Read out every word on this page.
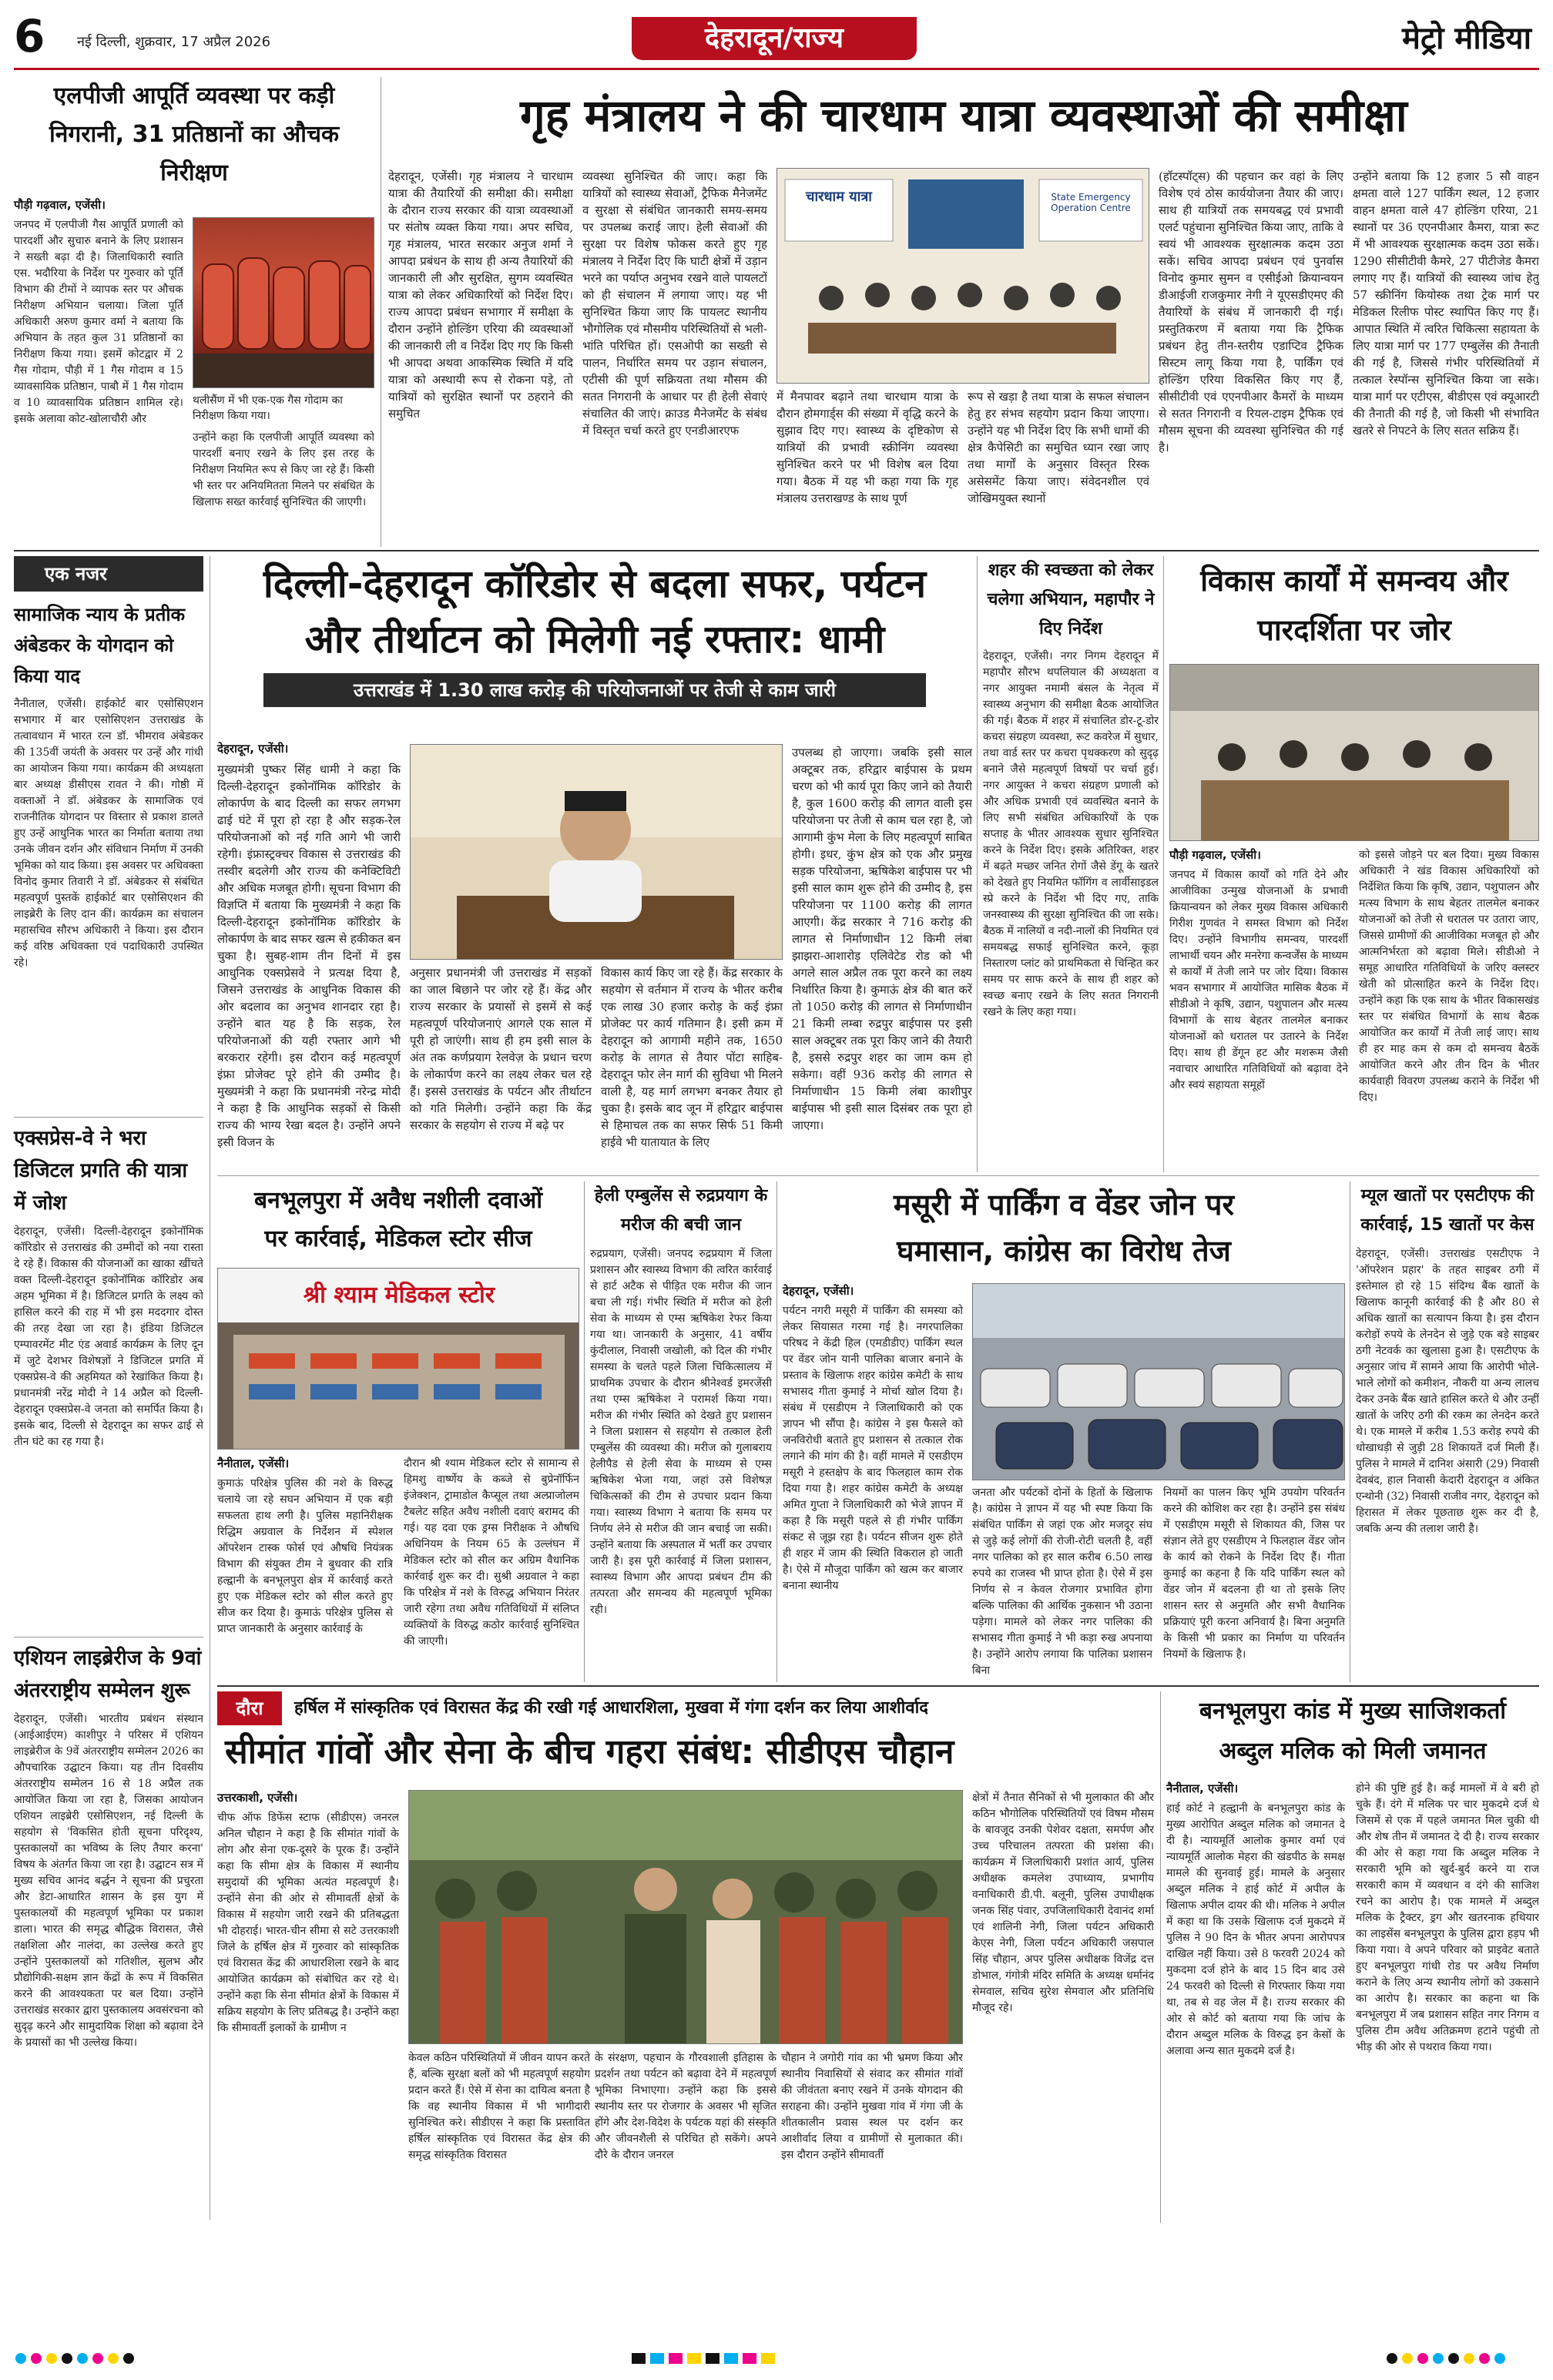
6 नई दिल्ली, शुक्रवार, 17 अप्रैल 2026	देहरादून/राज्य	मेट्रो मीडिया
एलपीजी आपूर्ति व्यवस्था पर कड़ी निगरानी, 31 प्रतिष्ठानों का औचक निरीक्षण
पौड़ी गढ़वाल, एजेंसी।
जनपद में एलपीजी गैस आपूर्ति प्रणाली को पारदर्शी और सुचारु बनाने के लिए प्रशासन ने सख्ती बढ़ा दी है। जिलाधिकारी स्वाति एस. भदौरिया के निर्देश पर गुरुवार को पूर्ति विभाग की टीमों ने व्यापक स्तर पर औचक निरीक्षण अभियान चलाया। जिला पूर्ति अधिकारी अरुण कुमार वर्मा ने बताया कि अभियान के तहत कुल 31 प्रतिष्ठानों का निरीक्षण किया गया। इसमें कोटद्वार में 2 गैस गोदाम, पौड़ी में 1 गैस गोदाम व 15 व्यावसायिक प्रतिष्ठान, पाबौ में 1 गैस गोदाम व 10 व्यावसायिक प्रतिष्ठान शामिल रहे। इसके अलावा कोट-खोलाचौरी और
थलीसैंण में भी एक-एक गैस गोदाम का निरीक्षण किया गया।
उन्होंने कहा कि एलपीजी आपूर्ति व्यवस्था को पारदर्शी बनाए रखने के लिए इस तरह के निरीक्षण नियमित रूप से किए जा रहे हैं। किसी भी स्तर पर अनियमितता मिलने पर संबंधित के खिलाफ सख्त कार्रवाई सुनिश्चित की जाएगी।
गृह मंत्रालय ने की चारधाम यात्रा व्यवस्थाओं की समीक्षा
देहरादून, एजेंसी। गृह मंत्रालय ने चारधाम यात्रा की तैयारियों की समीक्षा की। समीक्षा के दौरान राज्य सरकार की यात्रा व्यवस्थाओं पर संतोष व्यक्त किया गया। अपर सचिव, गृह मंत्रालय, भारत सरकार अनुज शर्मा ने आपदा प्रबंधन के साथ ही अन्य तैयारियों की जानकारी ली और सुरक्षित, सुगम व्यवस्थित यात्रा को लेकर अधिकारियों को निर्देश दिए। राज्य आपदा प्रबंधन सभागार में समीक्षा के दौरान उन्होंने होल्डिंग एरिया की व्यवस्थाओं की जानकारी ली व निर्देश दिए गए कि किसी भी आपदा अथवा आकस्मिक स्थिति में यदि यात्रा को अस्थायी रूप से रोकना पड़े, तो यात्रियों को सुरक्षित स्थानों पर ठहराने की समुचित
व्यवस्था सुनिश्चित की जाए। कहा कि यात्रियों को स्वास्थ्य सेवाओं, ट्रैफिक मैनेजमेंट व सुरक्षा से संबंधित जानकारी समय-समय पर उपलब्ध कराई जाए। हेली सेवाओं की सुरक्षा पर विशेष फोकस करते हुए गृह मंत्रालय ने निर्देश दिए कि घाटी क्षेत्रों में उड़ान भरने का पर्याप्त अनुभव रखने वाले पायलटों को ही संचालन में लगाया जाए। यह भी सुनिश्चित किया जाए कि पायलट स्थानीय भौगोलिक एवं मौसमीय परिस्थितियों से भली-भांति परिचित हों। एसओपी का सख्ती से पालन, निर्धारित समय पर उड़ान संचालन, एटीसी की पूर्ण सक्रियता तथा मौसम की सतत निगरानी के आधार पर ही हेली सेवाएं संचालित की जाएं। क्राउड मैनेजमेंट के संबंध में विस्तृत चर्चा करते हुए एनडीआरएफ
चारधाम यात्रा	State Emergency Operation Centre
में मैनपावर बढ़ाने तथा चारधाम यात्रा के दौरान होमगार्ड्स की संख्या में वृद्धि करने के सुझाव दिए गए। स्वास्थ्य के दृष्टिकोण से यात्रियों की प्रभावी स्क्रीनिंग व्यवस्था सुनिश्चित करने पर भी विशेष बल दिया गया। बैठक में यह भी कहा गया कि गृह मंत्रालय उत्तराखण्ड के साथ पूर्ण
रूप से खड़ा है तथा यात्रा के सफल संचालन हेतु हर संभव सहयोग प्रदान किया जाएगा। उन्होंने यह भी निर्देश दिए कि सभी धामों की क्षेत्र कैपेसिटी का समुचित ध्यान रखा जाए तथा मार्गों के अनुसार विस्तृत रिस्क असेसमेंट किया जाए। संवेदनशील एवं जोखिमयुक्त स्थानों
(हॉटस्पॉट्स) की पहचान कर वहां के लिए विशेष एवं ठोस कार्ययोजना तैयार की जाए। साथ ही यात्रियों तक समयबद्ध एवं प्रभावी एलर्ट पहुंचाना सुनिश्चित किया जाए, ताकि वे स्वयं भी आवश्यक सुरक्षात्मक कदम उठा सकें। सचिव आपदा प्रबंधन एवं पुनर्वास विनोद कुमार सुमन व एसीईओ क्रियान्वयन डीआईजी राजकुमार नेगी ने यूएसडीएमए की तैयारियों के संबंध में जानकारी दी गई। प्रस्तुतिकरण में बताया गया कि ट्रैफिक प्रबंधन हेतु तीन-स्तरीय एडाप्टिव ट्रैफिक सिस्टम लागू किया गया है, पार्किंग एवं होल्डिंग एरिया विकसित किए गए हैं, सीसीटीवी एवं एएनपीआर कैमरों के माध्यम से सतत निगरानी व रियल-टाइम ट्रैफिक एवं मौसम सूचना की व्यवस्था सुनिश्चित की गई है।
उन्होंने बताया कि 12 हजार 5 सौ वाहन क्षमता वाले 127 पार्किंग स्थल, 12 हजार वाहन क्षमता वाले 47 होल्डिंग एरिया, 21 स्थानों पर 36 एएनपीआर कैमरा, यात्रा रूट में भी आवश्यक सुरक्षात्मक कदम उठा सकें। 1290 सीसीटीवी कैमरे, 27 पीटीजेड कैमरा लगाए गए हैं। यात्रियों की स्वास्थ्य जांच हेतु 57 स्क्रीनिंग कियोस्क तथा ट्रेक मार्ग पर मेडिकल रिलीफ पोस्ट स्थापित किए गए हैं। आपात स्थिति में त्वरित चिकित्सा सहायता के लिए यात्रा मार्ग पर 177 एम्बुलेंस की तैनाती की गई है, जिससे गंभीर परिस्थितियों में तत्काल रेस्पॉन्स सुनिश्चित किया जा सके। यात्रा मार्ग पर एटीएस, बीडीएस एवं क्यूआरटी की तैनाती की गई है, जो किसी भी संभावित खतरे से निपटने के लिए सतत सक्रिय हैं।
एक नजर
सामाजिक न्याय के प्रतीक अंबेडकर के योगदान को किया याद
नैनीताल, एजेंसी। हाईकोर्ट बार एसोसिएशन सभागार में बार एसोसिएशन उत्तराखंड के तत्वावधान में भारत रत्न डॉ. भीमराव अंबेडकर की 135वीं जयंती के अवसर पर उन्हें और गांधी का आयोजन किया गया। कार्यक्रम की अध्यक्षता बार अध्यक्ष डीसीएस रावत ने की। गोष्ठी में वक्ताओं ने डॉ. अंबेडकर के सामाजिक एवं राजनीतिक योगदान पर विस्तार से प्रकाश डालते हुए उन्हें आधुनिक भारत का निर्माता बताया तथा उनके जीवन दर्शन और संविधान निर्माण में उनकी भूमिका को याद किया। इस अवसर पर अधिवक्ता विनोद कुमार तिवारी ने डॉ. अंबेडकर से संबंधित महत्वपूर्ण पुस्तकें हाईकोर्ट बार एसोसिएशन की लाइब्रेरी के लिए दान कीं। कार्यक्रम का संचालन महासचिव सौरभ अधिकारी ने किया। इस दौरान कई वरिष्ठ अधिवक्ता एवं पदाधिकारी उपस्थित रहे।
एक्सप्रेस-वे ने भरा डिजिटल प्रगति की यात्रा में जोश
देहरादून, एजेंसी। दिल्ली-देहरादून इकोनॉमिक कॉरिडोर से उत्तराखंड की उम्मीदों को नया रास्ता दे रहे हैं। विकास की योजनाओं का खाका खींचते वक्त दिल्ली-देहरादून इकोनॉमिक कॉरिडोर अब अहम भूमिका में है। डिजिटल प्रगति के लक्ष्य को हासिल करने की राह में भी इस मददगार दोस्त की तरह देखा जा रहा है। इंडिया डिजिटल एम्पावरमेंट मीट एंड अवार्ड कार्यक्रम के लिए दून में जुटे देशभर विशेषज्ञों ने डिजिटल प्रगति में एक्सप्रेस-वे की अहमियत को रेखांकित किया है। प्रधानमंत्री नरेंद्र मोदी ने 14 अप्रैल को दिल्ली-देहरादून एक्सप्रेस-वे जनता को समर्पित किया है। इसके बाद, दिल्ली से देहरादून का सफर ढाई से तीन घंटे का रह गया है।
एशियन लाइब्रेरीज के 9वां अंतरराष्ट्रीय सम्मेलन शुरू
देहरादून, एजेंसी। भारतीय प्रबंधन संस्थान (आईआईएम) काशीपुर ने परिसर में एशियन लाइब्रेरीज के 9वें अंतरराष्ट्रीय सम्मेलन 2026 का औपचारिक उद्घाटन किया। यह तीन दिवसीय अंतरराष्ट्रीय सम्मेलन 16 से 18 अप्रैल तक आयोजित किया जा रहा है, जिसका आयोजन एशियन लाइब्रेरी एसोसिएशन, नई दिल्ली के सहयोग से 'विकसित होती सूचना परिदृश्य, पुस्तकालयों का भविष्य के लिए तैयार करना' विषय के अंतर्गत किया जा रहा है। उद्घाटन सत्र में मुख्य सचिव आनंद बर्द्धन ने सूचना की प्रचुरता और डेटा-आधारित शासन के इस युग में पुस्तकालयों की महत्वपूर्ण भूमिका पर प्रकाश डाला। भारत की समृद्ध बौद्धिक विरासत, जैसे तक्षशिला और नालंदा, का उल्लेख करते हुए उन्होंने पुस्तकालयों को गतिशील, सुलभ और प्रौद्योगिकी-सक्षम ज्ञान केंद्रों के रूप में विकसित करने की आवश्यकता पर बल दिया। उन्होंने उत्तराखंड सरकार द्वारा पुस्तकालय अवसंरचना को सुदृढ़ करने और सामुदायिक शिक्षा को बढ़ावा देने के प्रयासों का भी उल्लेख किया।
दिल्ली-देहरादून कॉरिडोर से बदला सफर, पर्यटन
और तीर्थाटन को मिलेगी नई रफ्तार: धामी
उत्तराखंड में 1.30 लाख करोड़ की परियोजनाओं पर तेजी से काम जारी
देहरादून, एजेंसी।
मुख्यमंत्री पुष्कर सिंह धामी ने कहा कि दिल्ली-देहरादून इकोनॉमिक कॉरिडोर के लोकार्पण के बाद दिल्ली का सफर लगभग ढाई घंटे में पूरा हो रहा है और सड़क-रेल परियोजनाओं को नई गति आगे भी जारी रहेगी। इंफ्रास्ट्रक्चर विकास से उत्तराखंड की तस्वीर बदलेगी और राज्य की कनेक्टिविटी और अधिक मजबूत होगी। सूचना विभाग की विज्ञप्ति में बताया कि मुख्यमंत्री ने कहा कि दिल्ली-देहरादून इकोनॉमिक कॉरिडोर के लोकार्पण के बाद सफर खत्म से हकीकत बन चुका है। सुबह-शाम तीन दिनों में इस आधुनिक एक्सप्रेसवे ने प्रत्यक्ष दिया है, जिसने उत्तराखंड के आधुनिक विकास की ओर बदलाव का अनुभव शानदार रहा है। उन्होंने बात यह है कि सड़क, रेल परियोजनाओं की यही रफ्तार आगे भी बरकरार रहेगी। इस दौरान कई महत्वपूर्ण इंफ्रा प्रोजेक्ट पूरे होने की उम्मीद है। मुख्यमंत्री ने कहा कि प्रधानमंत्री नरेन्द्र मोदी ने कहा है कि आधुनिक सड़कों से किसी राज्य की भाग्य रेखा बदल है। उन्होंने अपने इसी विजन के
अनुसार प्रधानमंत्री जी उत्तराखंड में सड़कों का जाल बिछाने पर जोर रहे हैं। केंद्र और राज्य सरकार के प्रयासों से इसमें से कई महत्वपूर्ण परियोजनाएं आगले एक साल में पूरी हो जाएंगी। साथ ही हम इसी साल के अंत तक कर्णप्रयाग रेलवेज़ के प्रधान चरण के लोकार्पण करने का लक्ष्य लेकर चल रहे हैं। इससे उत्तराखंड के पर्यटन और तीर्थाटन को गति मिलेगी। उन्होंने कहा कि केंद्र सरकार के सहयोग से राज्य में बढ़े पर
विकास कार्य किए जा रहे हैं। केंद्र सरकार के सहयोग से वर्तमान में राज्य के भीतर करीब एक लाख 30 हजार करोड़ के कई इंफ्रा प्रोजेक्ट पर कार्य गतिमान है। इसी क्रम में देहरादून को आगामी महीने तक, 1650 करोड़ के लागत से तैयार पोंटा साहिब-देहरादून फोर लेन मार्ग की सुविधा भी मिलने वाली है, यह मार्ग लगभग बनकर तैयार हो चुका है। इसके बाद जून में हरिद्वार बाईपास से हिमाचल तक का सफर सिर्फ 51 किमी हाईवे भी यातायात के लिए
उपलब्ध हो जाएगा। जबकि इसी साल अक्टूबर तक, हरिद्वार बाईपास के प्रथम चरण को भी कार्य पूरा किए जाने को तैयारी है, कुल 1600 करोड़ की लागत वाली इस परियोजना पर तेजी से काम चल रहा है, जो आगामी कुंभ मेला के लिए महत्वपूर्ण साबित होगी। इधर, कुंभ क्षेत्र को एक और प्रमुख सड़क परियोजना, ऋषिकेश बाईपास पर भी इसी साल काम शुरू होने की उम्मीद है, इस परियोजना पर 1100 करोड़ की लागत आएगी। केंद्र सरकार ने 716 करोड़ की लागत से निर्माणाधीन 12 किमी लंबा झाझरा-आशारोड़ एलिवेटेड रोड को भी अगले साल अप्रैल तक पूरा करने का लक्ष्य निर्धारित किया है। कुमाऊं क्षेत्र की बात करें तो 1050 करोड़ की लागत से निर्माणाधीन 21 किमी लम्बा रुद्रपुर बाईपास पर इसी साल अक्टूबर तक पूरा किए जाने की तैयारी है, इससे रुद्रपुर शहर का जाम कम हो सकेगा। वहीं 936 करोड़ की लागत से निर्माणाधीन 15 किमी लंबा काशीपुर बाईपास भी इसी साल दिसंबर तक पूरा हो जाएगा।
शहर की स्वच्छता को लेकर चलेगा अभियान, महापौर ने दिए निर्देश
देहरादून, एजेंसी। नगर निगम देहरादून में महापौर सौरभ थपलियाल की अध्यक्षता व नगर आयुक्त नमामी बंसल के नेतृत्व में स्वास्थ्य अनुभाग की समीक्षा बैठक आयोजित की गई। बैठक में शहर में संचालित डोर-टू-डोर कचरा संग्रहण व्यवस्था, रूट कवरेज में सुधार, तथा वार्ड स्तर पर कचरा पृथक्करण को सुदृढ़ बनाने जैसे महत्वपूर्ण विषयों पर चर्चा हुई। नगर आयुक्त ने कचरा संग्रहण प्रणाली को और अधिक प्रभावी एवं व्यवस्थित बनाने के लिए सभी संबंधित अधिकारियों के एक सप्ताह के भीतर आवश्यक सुधार सुनिश्चित करने के निर्देश दिए। इसके अतिरिक्त, शहर में बढ़ते मच्छर जनित रोगों जैसे डेंगू के खतरे को देखते हुए नियमित फॉगिंग व लार्वीसाइडल स्प्रे करने के निर्देश भी दिए गए, ताकि जनस्वास्थ्य की सुरक्षा सुनिश्चित की जा सके। बैठक में नालियों व नदी-नालों की नियमित एवं समयबद्ध सफाई सुनिश्चित करने, कूड़ा निस्तारण प्लांट को प्राथमिकता से चिन्हित कर समय पर साफ करने के साथ ही शहर को स्वच्छ बनाए रखने के लिए सतत निगरानी रखने के लिए कहा गया।
विकास कार्यों में समन्वय और पारदर्शिता पर जोर
पौड़ी गढ़वाल, एजेंसी।
जनपद में विकास कार्यों को गति देने और आजीविका उन्मुख योजनाओं के प्रभावी क्रियान्वयन को लेकर मुख्य विकास अधिकारी गिरीश गुणवंत ने समस्त विभाग को निर्देश दिए। उन्होंने विभागीय समन्वय, पारदर्शी लाभार्थी चयन और मनरेगा कन्वर्जेंस के माध्यम से कार्यों में तेजी लाने पर जोर दिया। विकास भवन सभागार में आयोजित मासिक बैठक में सीडीओ ने कृषि, उद्यान, पशुपालन और मत्स्य विभागों के साथ बेहतर तालमेल बनाकर योजनाओं को धरातल पर उतारने के निर्देश दिए। साथ ही डेंगून हट और मशरूम जैसी नवाचार आधारित गतिविधियों को बढ़ावा देने और स्वयं सहायता समूहों
को इससे जोड़ने पर बल दिया। मुख्य विकास अधिकारी ने खंड विकास अधिकारियों को निर्देशित किया कि कृषि, उद्यान, पशुपालन और मत्स्य विभाग के साथ बेहतर तालमेल बनाकर योजनाओं को तेजी से धरातल पर उतारा जाए, जिससे ग्रामीणों की आजीविका मजबूत हो और आत्मनिर्भरता को बढ़ावा मिले। सीडीओ ने समूह आधारित गतिविधियों के जरिए क्लस्टर खेती को प्रोत्साहित करने के निर्देश दिए। उन्होंने कहा कि एक साथ के भीतर विकासखंड स्तर पर संबंधित विभागों के साथ बैठक आयोजित कर कार्यों में तेजी लाई जाए। साथ ही हर माह कम से कम दो समन्वय बैठकें आयोजित करने और तीन दिन के भीतर कार्यवाही विवरण उपलब्ध कराने के निर्देश भी दिए।
बनभूलपुरा में अवैध नशीली दवाओं
पर कार्रवाई, मेडिकल स्टोर सीज
श्री श्याम मेडिकल स्टोर
नैनीताल, एजेंसी।
कुमाऊं परिक्षेत्र पुलिस की नशे के विरुद्ध चलाये जा रहे सघन अभियान में एक बड़ी सफलता हाथ लगी है। पुलिस महानिरीक्षक रिद्धिम अग्रवाल के निर्देशन में स्पेशल ऑपरेशन टास्क फोर्स एवं औषधि नियंत्रक विभाग की संयुक्त टीम ने बुधवार की रात्रि हल्द्वानी के बनभूलपुरा क्षेत्र में कार्रवाई करते हुए एक मेडिकल स्टोर को सील करते हुए सीज कर दिया है। कुमाऊं परिक्षेत्र पुलिस से प्राप्त जानकारी के अनुसार कार्रवाई के
दौरान श्री श्याम मेडिकल स्टोर से सामान्य से हिमशु वार्ष्णेय के कब्जे से बुप्रेनॉर्फिन इंजेक्शन, ट्रामाडोल कैप्सूल तथा अल्प्राजोलम टैबलेट सहित अवैध नशीली दवाएं बरामद की गई। यह दवा एक ड्रग्स निरीक्षक ने औषधि अधिनियम के नियम 65 के उल्लंघन में मेडिकल स्टोर को सील कर अग्रिम वैधानिक कार्रवाई शुरू कर दी। सुश्री अग्रवाल ने कहा कि परिक्षेत्र में नशे के विरुद्ध अभियान निरंतर जारी रहेगा तथा अवैध गतिविधियों में संलिप्त व्यक्तियों के विरुद्ध कठोर कार्रवाई सुनिश्चित की जाएगी।
हेली एम्बुलेंस से रुद्रप्रयाग के मरीज की बची जान
रुद्रप्रयाग, एजेंसी। जनपद रुद्रप्रयाग में जिला प्रशासन और स्वास्थ्य विभाग की त्वरित कार्रवाई से हार्ट अटैक से पीड़ित एक मरीज की जान बचा ली गई। गंभीर स्थिति में मरीज को हेली सेवा के माध्यम से एम्स ऋषिकेश रेफर किया गया था। जानकारी के अनुसार, 41 वर्षीय कुंदीलाल, निवासी जखोली, को दिल की गंभीर समस्या के चलते पहले जिला चिकित्सालय में प्राथमिक उपचार के दौरान श्रीनेश्वर्ड इमरजेंसी तथा एम्स ऋषिकेश ने परामर्श किया गया। मरीज की गंभीर स्थिति को देखते हुए प्रशासन ने जिला प्रशासन से सहयोग से तत्काल हेली एम्बुलेंस की व्यवस्था की। मरीज को गुलाबराय हेलीपैड से हेली सेवा के माध्यम से एम्स ऋषिकेश भेजा गया, जहां उसे विशेषज्ञ चिकित्सकों की टीम से उपचार प्रदान किया गया। स्वास्थ्य विभाग ने बताया कि समय पर निर्णय लेने से मरीज की जान बचाई जा सकी। उन्होंने बताया कि अस्पताल में भर्ती कर उपचार जारी है। इस पूरी कार्रवाई में जिला प्रशासन, स्वास्थ्य विभाग और आपदा प्रबंधन टीम की तत्परता और समन्वय की महत्वपूर्ण भूमिका रही।
मसूरी में पार्किंग व वेंडर जोन पर
घमासान, कांग्रेस का विरोध तेज
देहरादून, एजेंसी।
पर्यटन नगरी मसूरी में पार्किंग की समस्या को लेकर सियासत गरमा गई है। नगरपालिका परिषद ने केंद्री हिल (एमडीडीए) पार्किंग स्थल पर वेंडर जोन यानी पालिका बाजार बनाने के प्रस्ताव के खिलाफ शहर कांग्रेस कमेटी के साथ सभासद गीता कुमाई ने मोर्चा खोल दिया है। संबंध में एसडीएम ने जिलाधिकारी को एक ज्ञापन भी सौंपा है। कांग्रेस ने इस फैसले को जनविरोधी बताते हुए प्रशासन से तत्काल रोक लगाने की मांग की है। वहीं मामले में एसडीएम मसूरी ने हस्तक्षेप के बाद फिलहाल काम रोक दिया गया है। शहर कांग्रेस कमेटी के अध्यक्ष अमित गुप्ता ने जिलाधिकारी को भेजे ज्ञापन में कहा है कि मसूरी पहले से ही गंभीर पार्किंग संकट से जूझ रहा है। पर्यटन सीजन शुरू होते ही शहर में जाम की स्थिति विकराल हो जाती है। ऐसे में मौजूदा पार्किंग को खत्म कर बाजार बनाना स्थानीय
जनता और पर्यटकों दोनों के हितों के खिलाफ है। कांग्रेस ने ज्ञापन में यह भी स्पष्ट किया कि संबंधित पार्किंग से जहां एक ओर मजदूर संघ से जुड़े कई लोगों की रोजी-रोटी चलती है, वहीं नगर पालिका को हर साल करीब 6.50 लाख रुपये का राजस्व भी प्राप्त होता है। ऐसे में इस निर्णय से न केवल रोजगार प्रभावित होगा बल्कि पालिका की आर्थिक नुकसान भी उठाना पड़ेगा। मामले को लेकर नगर पालिका की सभासद गीता कुमाई ने भी कड़ा रुख अपनाया है। उन्होंने आरोप लगाया कि पालिका प्रशासन बिना
नियमों का पालन किए भूमि उपयोग परिवर्तन करने की कोशिश कर रहा है। उन्होंने इस संबंध में एसडीएम मसूरी से शिकायत की, जिस पर संज्ञान लेते हुए एसडीएम ने फिलहाल वेंडर जोन के कार्य को रोकने के निर्देश दिए हैं। गीता कुमाई का कहना है कि यदि पार्किंग स्थल को वेंडर जोन में बदलना ही था तो इसके लिए शासन स्तर से अनुमति और सभी वैधानिक प्रक्रियाएं पूरी करना अनिवार्य है। बिना अनुमति के किसी भी प्रकार का निर्माण या परिवर्तन नियमों के खिलाफ है।
म्यूल खातों पर एसटीएफ की कार्रवाई, 15 खातों पर केस
देहरादून, एजेंसी। उत्तराखंड एसटीएफ ने 'ऑपरेशन प्रहार' के तहत साइबर ठगी में इस्तेमाल हो रहे 15 संदिग्ध बैंक खातों के खिलाफ कानूनी कार्रवाई की है और 80 से अधिक खातों का सत्यापन किया है। इस दौरान करोड़ों रुपये के लेनदेन से जुड़े एक बड़े साइबर ठगी नेटवर्क का खुलासा हुआ है। एसटीएफ के अनुसार जांच में सामने आया कि आरोपी भोले-भाले लोगों को कमीशन, नौकरी या अन्य लालच देकर उनके बैंक खाते हासिल करते थे और उन्हीं खातों के जरिए ठगी की रकम का लेनदेन करते थे। एक मामले में करीब 1.53 करोड़ रुपये की धोखाधड़ी से जुड़ी 28 शिकायतें दर्ज मिली हैं। पुलिस ने मामले में दानिश अंसारी (29) निवासी देवबंद, हाल निवासी केदारी देहरादून व अंकित एन्थोनी (32) निवासी राजीव नगर, देहरादून को हिरासत में लेकर पूछताछ शुरू कर दी है, जबकि अन्य की तलाश जारी है।
दौरा	हर्षिल में सांस्कृतिक एवं विरासत केंद्र की रखी गई आधारशिला, मुखवा में गंगा दर्शन कर लिया आशीर्वाद
सीमांत गांवों और सेना के बीच गहरा संबंध: सीडीएस चौहान
उत्तरकाशी, एजेंसी।
चीफ ऑफ डिफेंस स्टाफ (सीडीएस) जनरल अनिल चौहान ने कहा है कि सीमांत गांवों के लोग और सेना एक-दूसरे के पूरक हैं। उन्होंने कहा कि सीमा क्षेत्र के विकास में स्थानीय समुदायों की भूमिका अत्यंत महत्वपूर्ण है। उन्होंने सेना की ओर से सीमावर्ती क्षेत्रों के विकास में सहयोग जारी रखने की प्रतिबद्धता भी दोहराई। भारत-चीन सीमा से सटे उत्तरकाशी जिले के हर्षिल क्षेत्र में गुरुवार को सांस्कृतिक एवं विरासत केंद्र की आधारशिला रखने के बाद आयोजित कार्यक्रम को संबोधित कर रहे थे। उन्होंने कहा कि सेना सीमांत क्षेत्रों के विकास में सक्रिय सहयोग के लिए प्रतिबद्ध है। उन्होंने कहा कि सीमावर्ती इलाकों के ग्रामीण न
केवल कठिन परिस्थितियों में जीवन यापन करते हैं, बल्कि सुरक्षा बलों को भी महत्वपूर्ण सहयोग प्रदान करते हैं। ऐसे में सेना का दायित्व बनता है कि वह स्थानीय विकास में भी भागीदारी सुनिश्चित करे। सीडीएस ने कहा कि प्रस्तावित हर्षिल सांस्कृतिक एवं विरासत केंद्र क्षेत्र की समृद्ध सांस्कृतिक विरासत
के संरक्षण, पहचान के गौरवशाली इतिहास के प्रदर्शन तथा पर्यटन को बढ़ावा देने में महत्वपूर्ण भूमिका निभाएगा। उन्होंने कहा कि इससे स्थानीय स्तर पर रोजगार के अवसर भी सृजित होंगे और देश-विदेश के पर्यटक यहां की संस्कृति और जीवनशैली से परिचित हो सकेंगे। अपने दौरे के दौरान जनरल
चौहान ने जगोरी गांव का भी भ्रमण किया और स्थानीय निवासियों से संवाद कर सीमांत गांवों की जीवंतता बनाए रखने में उनके योगदान की सराहना की। उन्होंने मुखवा गांव में गंगा जी के शीतकालीन प्रवास स्थल पर दर्शन कर आशीर्वाद लिया व ग्रामीणों से मुलाकात की। इस दौरान उन्होंने सीमावर्ती
क्षेत्रों में तैनात सैनिकों से भी मुलाकात की और कठिन भौगोलिक परिस्थितियों एवं विषम मौसम के बावजूद उनकी पेशेवर दक्षता, समर्पण और उच्च परिचालन तत्परता की प्रशंसा की। कार्यक्रम में जिलाधिकारी प्रशांत आर्य, पुलिस अधीक्षक कमलेश उपाध्याय, प्रभागीय वनाधिकारी डी.पी. बलूनी, पुलिस उपाधीक्षक जनक सिंह पंवार, उपजिलाधिकारी देवानंद शर्मा एवं शालिनी नेगी, जिला पर्यटन अधिकारी केएस नेगी, जिला पर्यटन अधिकारी जसपाल सिंह चौहान, अपर पुलिस अधीक्षक विजेंद्र दत्त डोभाल, गंगोत्री मंदिर समिति के अध्यक्ष धर्मानंद सेमवाल, सचिव सुरेश सेमवाल और प्रतिनिधि मौजूद रहे।
बनभूलपुरा कांड में मुख्य साजिशकर्ता
अब्दुल मलिक को मिली जमानत
नैनीताल, एजेंसी।
हाई कोर्ट ने हल्द्वानी के बनभूलपुरा कांड के मुख्य आरोपित अब्दुल मलिक को जमानत दे दी है। न्यायमूर्ति आलोक कुमार वर्मा एवं न्यायमूर्ति आलोक मेहरा की खंडपीठ के समक्ष मामले की सुनवाई हुई। मामले के अनुसार अब्दुल मलिक ने हाई कोर्ट में अपील के खिलाफ अपील दायर की थी। मलिक ने अपील में कहा था कि उसके खिलाफ दर्ज मुकदमे में पुलिस ने 90 दिन के भीतर अपना आरोपपत्र दाखिल नहीं किया। उसे 8 फरवरी 2024 को मुकदमा दर्ज होने के बाद 15 दिन बाद उसे 24 फरवरी को दिल्ली से गिरफ्तार किया गया था, तब से वह जेल में है। राज्य सरकार की ओर से कोर्ट को बताया गया कि जांच के दौरान अब्दुल मलिक के विरुद्ध इन केसों के अलावा अन्य सात मुकदमे दर्ज है।
होने की पुष्टि हुई है। कई मामलों में वे बरी हो चुके हैं। दंगे में मलिक पर चार मुकदमे दर्ज थे जिसमें से एक में पहले जमानत मिल चुकी थी और शेष तीन में जमानत दे दी है। राज्य सरकार की ओर से कहा गया कि अब्दुल मलिक ने सरकारी भूमि को खुर्द-बुर्द करने या राज सरकारी काम में व्यवधान व दंगे की साजिश रचने का आरोप है। एक मामले में अब्दुल मलिक के ट्रैक्टर, ड्रग और खतरनाक हथियार का लाइसेंस बनभूलपुरा के पुलिस द्वारा हड़प भी किया गया। वे अपने परिवार को प्राइवेट बताते हुए बनभूलपुरा गांधी रोड पर अवैध निर्माण कराने के लिए अन्य स्थानीय लोगों को उकसाने का आरोप है। सरकार का कहना था कि बनभूलपुरा में जब प्रशासन सहित नगर निगम व पुलिस टीम अवैध अतिक्रमण हटाने पहुंची तो भीड़ की ओर से पथराव किया गया।
